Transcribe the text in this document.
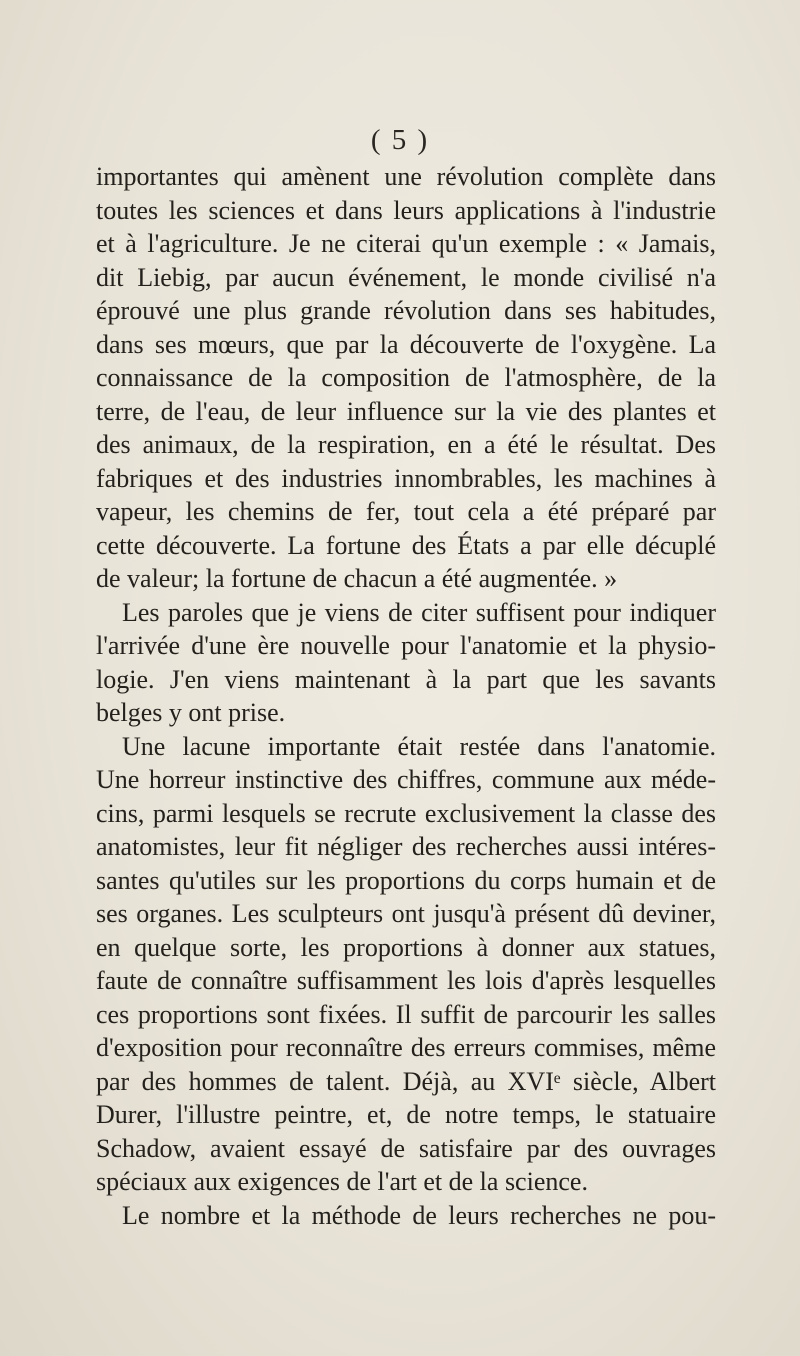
( 5 )
importantes qui amènent une révolution complète dans
toutes les sciences et dans leurs applications à l'industrie
et à l'agriculture. Je ne citerai qu'un exemple : « Jamais,
dit Liebig, par aucun événement, le monde civilisé n'a
éprouvé une plus grande révolution dans ses habitudes,
dans ses mœurs, que par la découverte de l'oxygène. La
connaissance de la composition de l'atmosphère, de la
terre, de l'eau, de leur influence sur la vie des plantes et
des animaux, de la respiration, en a été le résultat. Des
fabriques et des industries innombrables, les machines à
vapeur, les chemins de fer, tout cela a été préparé par
cette découverte. La fortune des États a par elle décuplé
de valeur; la fortune de chacun a été augmentée. »
Les paroles que je viens de citer suffisent pour indiquer
l'arrivée d'une ère nouvelle pour l'anatomie et la physio-
logie. J'en viens maintenant à la part que les savants
belges y ont prise.
Une lacune importante était restée dans l'anatomie.
Une horreur instinctive des chiffres, commune aux méde-
cins, parmi lesquels se recrute exclusivement la classe des
anatomistes, leur fit négliger des recherches aussi intéres-
santes qu'utiles sur les proportions du corps humain et de
ses organes. Les sculpteurs ont jusqu'à présent dû deviner,
en quelque sorte, les proportions à donner aux statues,
faute de connaître suffisamment les lois d'après lesquelles
ces proportions sont fixées. Il suffit de parcourir les salles
d'exposition pour reconnaître des erreurs commises, même
par des hommes de talent. Déjà, au XVIᵉ siècle, Albert
Durer, l'illustre peintre, et, de notre temps, le statuaire
Schadow, avaient essayé de satisfaire par des ouvrages
spéciaux aux exigences de l'art et de la science.
Le nombre et la méthode de leurs recherches ne pou-
